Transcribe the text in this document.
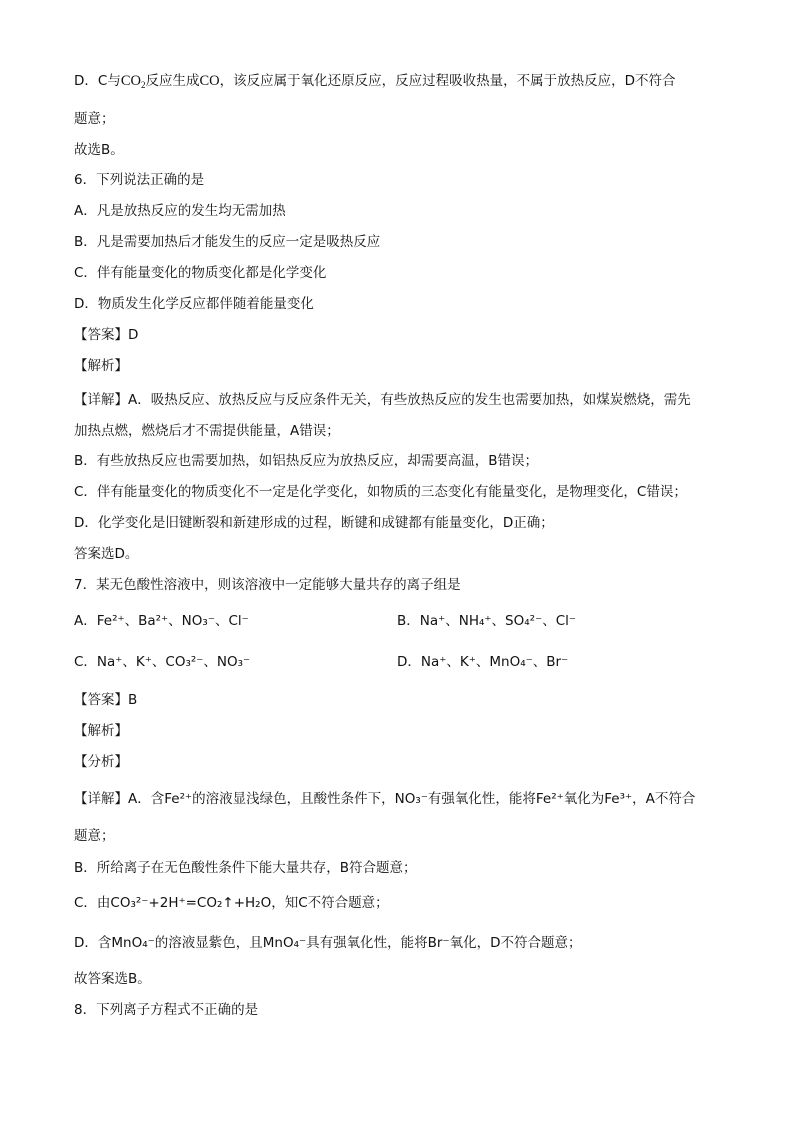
D．C与$CO_2$反应生成CO，该反应属于氧化还原反应，反应过程吸收热量，不属于放热反应，D不符合
题意；
故选B。
6．下列说法正确的是
A．凡是放热反应的发生均无需加热
B．凡是需要加热后才能发生的反应一定是吸热反应
C．伴有能量变化的物质变化都是化学变化
D．物质发生化学反应都伴随着能量变化
【答案】D
【解析】
【详解】A．吸热反应、放热反应与反应条件无关，有些放热反应的发生也需要加热，如煤炭燃烧，需先
加热点燃，燃烧后才不需提供能量，A错误；
B．有些放热反应也需要加热，如铝热反应为放热反应，却需要高温，B错误；
C．伴有能量变化的物质变化不一定是化学变化，如物质的三态变化有能量变化，是物理变化，C错误；
D．化学变化是旧键断裂和新建形成的过程，断键和成键都有能量变化，D正确；
答案选D。
7．某无色酸性溶液中，则该溶液中一定能够大量共存的离子组是
A．Fe²⁺、Ba²⁺、NO₃⁻、Cl⁻	B．Na⁺、NH₄⁺、SO₄²⁻、Cl⁻
C．Na⁺、K⁺、CO₃²⁻、NO₃⁻	D．Na⁺、K⁺、MnO₄⁻、Br⁻
【答案】B
【解析】
【分析】
【详解】A．含Fe²⁺的溶液显浅绿色，且酸性条件下，NO₃⁻有强氧化性，能将Fe²⁺氧化为Fe³⁺，A不符合
题意；
B．所给离子在无色酸性条件下能大量共存，B符合题意；
C．由CO₃²⁻+2H⁺=CO₂↑+H₂O，知C不符合题意；
D．含MnO₄⁻的溶液显紫色，且MnO₄⁻具有强氧化性，能将Br⁻氧化，D不符合题意；
故答案选B。
8．下列离子方程式不正确的是
